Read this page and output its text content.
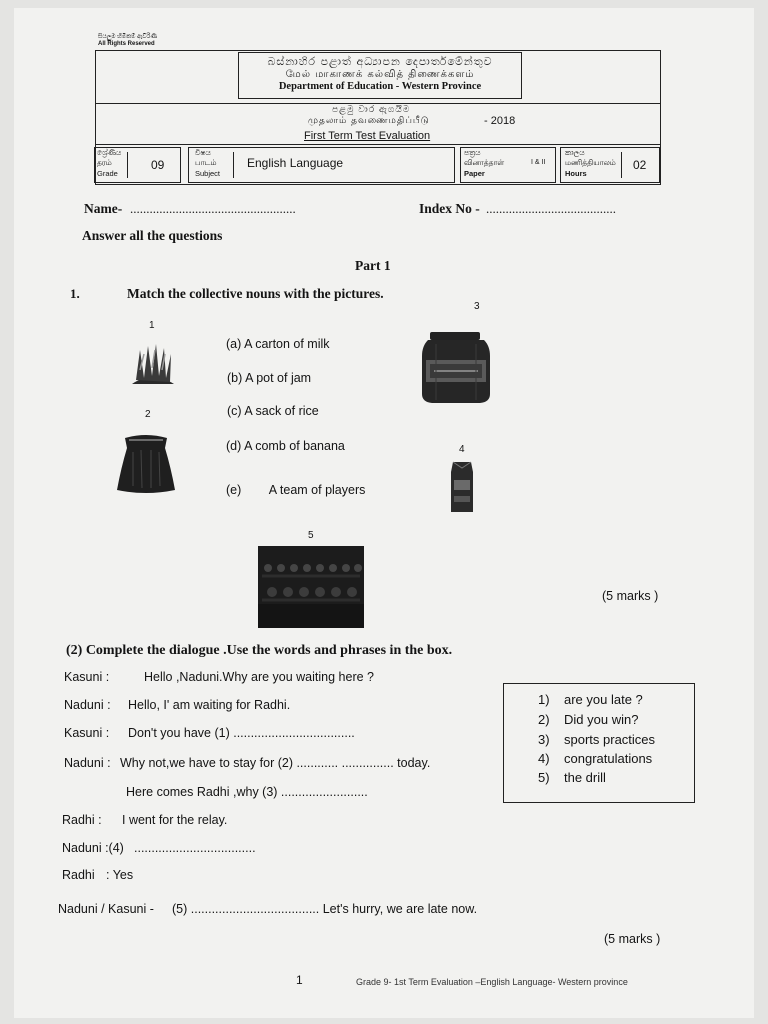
සියලුම හිමිකම් ඇවිරිණි
All Rights Reserved
බස්නාහිර පළාත් අධ්‍යාපන දෙපාර්තමේන්තුව
மேல் மாகாணக் கல்வித் திணைக்களம்
Department of Education - Western Province
පළමු වාර ඇගයීම
முதலாம் தவணைமதிப்பீடு	- 2018
First Term Test Evaluation
ශ්‍රේණිය
தரம்
Grade
09
විෂය
பாடம்
Subject
English Language
පත්‍රය
வினாத்தாள்
Paper
I & II
කාලය
மணித்தியாலம்
Hours
02
Name- ...................................................	Index No - ........................................
Answer all the questions
Part 1
1.	Match the collective nouns with the pictures.
1
2
3
4
5
(a) A carton of milk
(b) A pot of jam
(c) A sack of rice
(d) A comb of banana
(e) A team of players
(5 marks )
(2) Complete the dialogue .Use the words and phrases in the box.
Kasuni :	Hello ,Naduni.Why are you waiting here ?
Naduni : Hello, I' am waiting for Radhi.
Kasuni : Don't you have (1) ...................................
Naduni : Why not,we have to stay for (2) ............ ............... today.
Here comes Radhi ,why (3) .........................
Radhi : I went for the relay.
Naduni :(4) ...................................
Radhi : Yes
Naduni / Kasuni - (5) ..................................... Let's hurry, we are late now.
1) are you late ?
2) Did you win?
3) sports practices
4) congratulations
5) the drill
(5 marks )
1	Grade 9- 1st Term Evaluation –English Language- Western province
